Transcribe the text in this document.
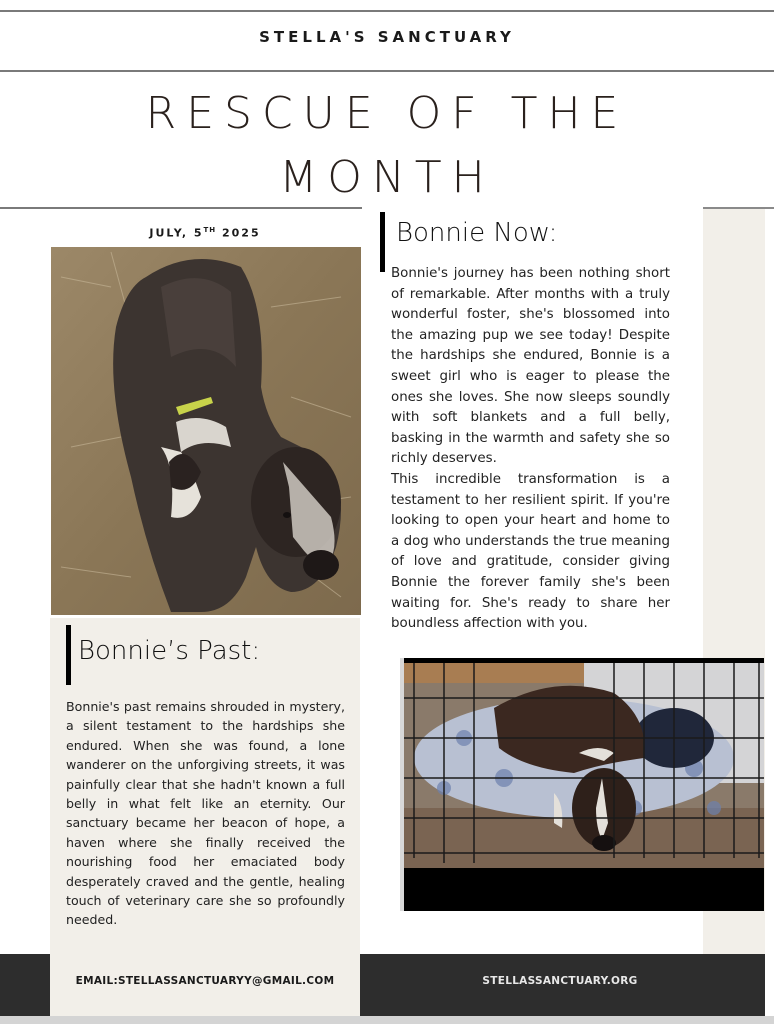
STELLA'S SANCTUARY
RESCUE OF THE
MONTH
JULY, 5TH 2025	Bonnie Now:

Bonnie's journey has been nothing short of remarkable. After months with a truly wonderful foster, she's blossomed into the amazing pup we see today! Despite the hardships she endured, Bonnie is a sweet girl who is eager to please the ones she loves. She now sleeps soundly with soft blankets and a full belly, basking in the warmth and safety she so richly deserves.

This incredible transformation is a testament to her resilient spirit. If you're looking to open your heart and home to a dog who understands the true meaning of love and gratitude, consider giving Bonnie the forever family she's been waiting for. She's ready to share her boundless affection with you.

EMAIL:STELLASSANCTUARYY@GMAIL.COM	STELLASSANCTUARY.ORG
Bonnie’s Past:
Bonnie's past remains shrouded in mystery, a silent testament to the hardships she endured. When she was found, a lone wanderer on the unforgiving streets, it was painfully clear that she hadn't known a full belly in what felt like an eternity. Our sanctuary became her beacon of hope, a haven where she finally received the nourishing food her emaciated body desperately craved and the gentle, healing touch of veterinary care she so profoundly needed.
